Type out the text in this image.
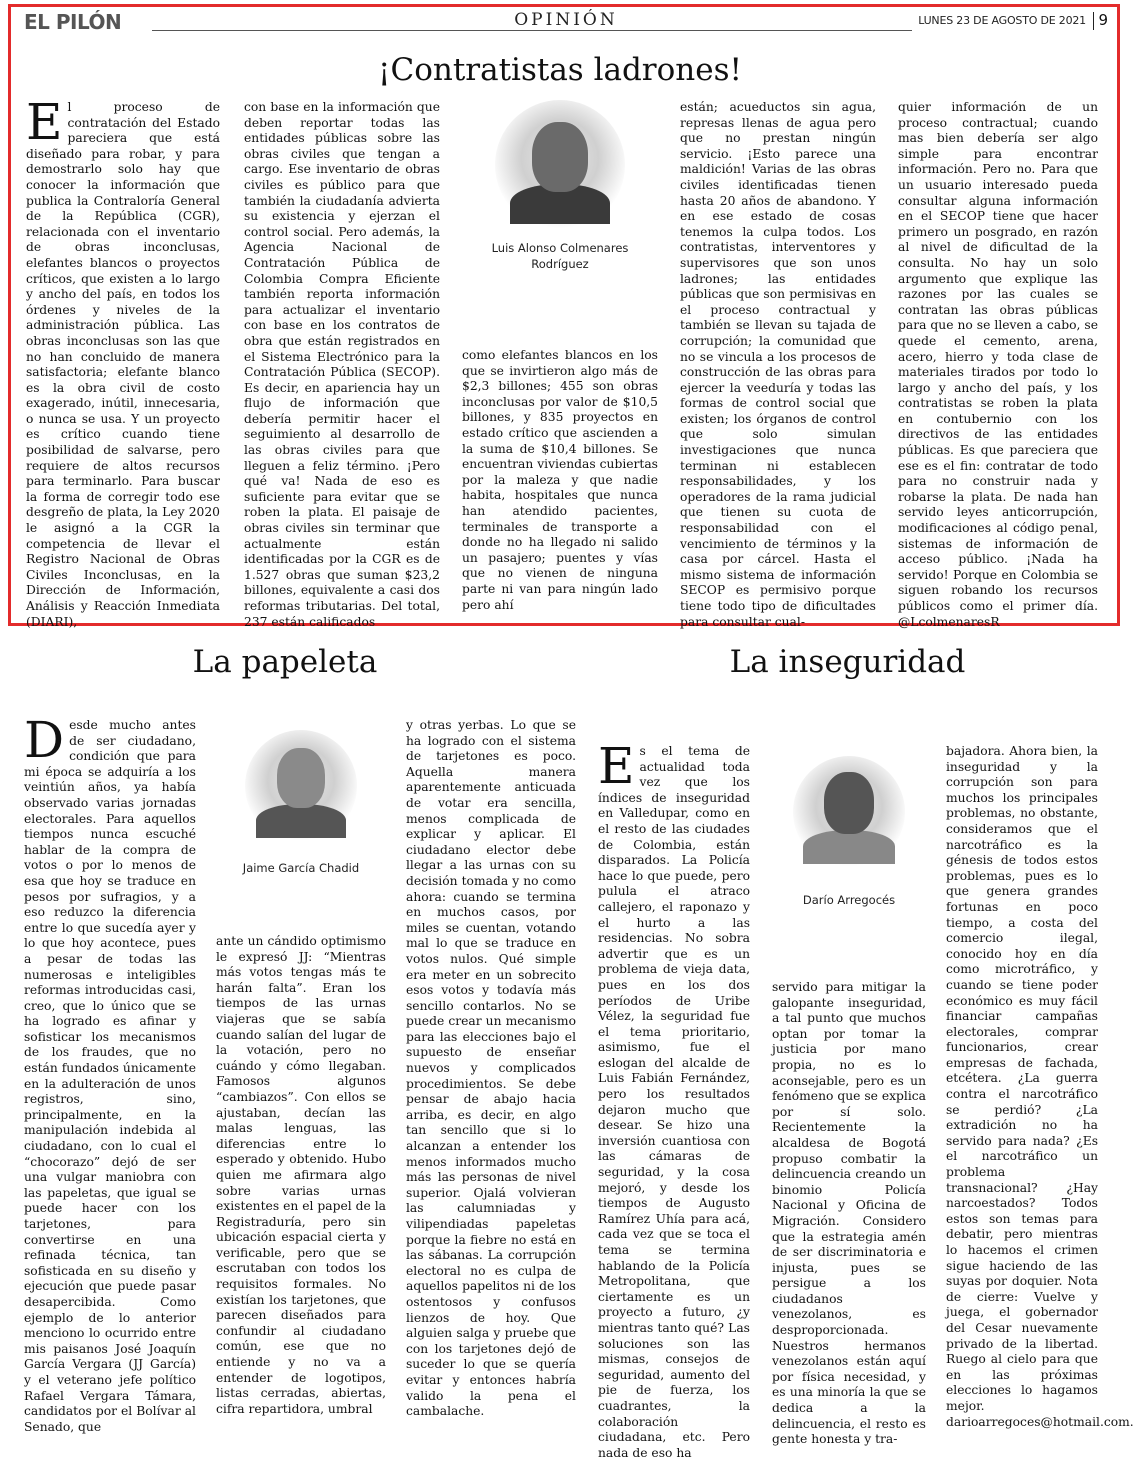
EL PILÓN	OPINIÓN	LUNES 23 DE AGOSTO DE 2021 9
¡Contratistas ladrones!
El proceso de contratación del Estado pareciera que está diseñado para robar, y para demostrarlo solo hay que conocer la información que publica la Contraloría General de la República (CGR), relacionada con el inventario de obras inconclusas, elefantes blancos o proyectos críticos, que existen a lo largo y ancho del país, en todos los órdenes y niveles de la administración pública. Las obras inconclusas son las que no han concluido de manera satisfactoria; elefante blanco es la obra civil de costo exagerado, inútil, innecesaria, o nunca se usa. Y un proyecto es crítico cuando tiene posibilidad de salvarse, pero requiere de altos recursos para terminarlo. Para buscar la forma de corregir todo ese desgreño de plata, la Ley 2020 le asignó a la CGR la competencia de llevar el Registro Nacional de Obras Civiles Inconclusas, en la Dirección de Información, Análisis y Reacción Inmediata (DIARI),
con base en la información que deben reportar todas las entidades públicas sobre las obras civiles que tengan a cargo. Ese inventario de obras civiles es público para que también la ciudadanía advierta su existencia y ejerzan el control social. Pero además, la Agencia Nacional de Contratación Pública de Colombia Compra Eficiente también reporta información para actualizar el inventario con base en los contratos de obra que están registrados en el Sistema Electrónico para la Contratación Pública (SECOP). Es decir, en apariencia hay un flujo de información que debería permitir hacer el seguimiento al desarrollo de las obras civiles para que lleguen a feliz término. ¡Pero qué va! Nada de eso es suficiente para evitar que se roben la plata. El paisaje de obras civiles sin terminar que actualmente están identificadas por la CGR es de 1.527 obras que suman $23,2 billones, equivalente a casi dos reformas tributarias. Del total, 237 están calificados
Luis Alonso Colmenares Rodríguez
como elefantes blancos en los que se invirtieron algo más de $2,3 billones; 455 son obras inconclusas por valor de $10,5 billones, y 835 proyectos en estado crítico que ascienden a la suma de $10,4 billones. Se encuentran viviendas cubiertas por la maleza y que nadie habita, hospitales que nunca han atendido pacientes, terminales de transporte a donde no ha llegado ni salido un pasajero; puentes y vías que no vienen de ninguna parte ni van para ningún lado pero ahí
están; acueductos sin agua, represas llenas de agua pero que no prestan ningún servicio. ¡Esto parece una maldición! Varias de las obras civiles identificadas tienen hasta 20 años de abandono. Y en ese estado de cosas tenemos la culpa todos. Los contratistas, interventores y supervisores que son unos ladrones; las entidades públicas que son permisivas en el proceso contractual y también se llevan su tajada de corrupción; la comunidad que no se vincula a los procesos de construcción de las obras para ejercer la veeduría y todas las formas de control social que existen; los órganos de control que solo simulan investigaciones que nunca terminan ni establecen responsabilidades, y los operadores de la rama judicial que tienen su cuota de responsabilidad con el vencimiento de términos y la casa por cárcel. Hasta el mismo sistema de información SECOP es permisivo porque tiene todo tipo de dificultades para consultar cual-
quier información de un proceso contractual; cuando mas bien debería ser algo simple para encontrar información. Pero no. Para que un usuario interesado pueda consultar alguna información en el SECOP tiene que hacer primero un posgrado, en razón al nivel de dificultad de la consulta. No hay un solo argumento que explique las razones por las cuales se contratan las obras públicas para que no se lleven a cabo, se quede el cemento, arena, acero, hierro y toda clase de materiales tirados por todo lo largo y ancho del país, y los contratistas se roben la plata en contubernio con los directivos de las entidades públicas. Es que pareciera que ese es el fin: contratar de todo para no construir nada y robarse la plata. De nada han servido leyes anticorrupción, modificaciones al código penal, sistemas de información de acceso público. ¡Nada ha servido! Porque en Colombia se siguen robando los recursos públicos como el primer día. @LcolmenaresR
La papeleta
Desde mucho antes de ser ciudadano, condición que para mi época se adquiría a los veintiún años, ya había observado varias jornadas electorales. Para aquellos tiempos nunca escuché hablar de la compra de votos o por lo menos de esa que hoy se traduce en pesos por sufragios, y a eso reduzco la diferencia entre lo que sucedía ayer y lo que hoy acontece, pues a pesar de todas las numerosas e inteligibles reformas introducidas casi, creo, que lo único que se ha logrado es afinar y sofisticar los mecanismos de los fraudes, que no están fundados únicamente en la adulteración de unos registros, sino, principalmente, en la manipulación indebida al ciudadano, con lo cual el “chocorazo” dejó de ser una vulgar maniobra con las papeletas, que igual se puede hacer con los tarjetones, para convertirse en una refinada técnica, tan sofisticada en su diseño y ejecución que puede pasar desapercibida. Como ejemplo de lo anterior menciono lo ocurrido entre mis paisanos José Joaquín García Vergara (JJ García) y el veterano jefe político Rafael Vergara Támara, candidatos por el Bolívar al Senado, que
Jaime García Chadid
ante un cándido optimismo le expresó JJ: “Mientras más votos tengas más te harán falta”. Eran los tiempos de las urnas viajeras que se sabía cuando salían del lugar de la votación, pero no cuándo y cómo llegaban. Famosos algunos “cambiazos”. Con ellos se ajustaban, decían las malas lenguas, las diferencias entre lo esperado y obtenido. Hubo quien me afirmara algo sobre varias urnas existentes en el papel de la Registraduría, pero sin ubicación espacial cierta y verificable, pero que se escrutaban con todos los requisitos formales. No existían los tarjetones, que parecen diseñados para confundir al ciudadano común, ese que no entiende y no va a entender de logotipos, listas cerradas, abiertas, cifra repartidora, umbral
y otras yerbas. Lo que se ha logrado con el sistema de tarjetones es poco. Aquella manera aparentemente anticuada de votar era sencilla, menos complicada de explicar y aplicar. El ciudadano elector debe llegar a las urnas con su decisión tomada y no como ahora: cuando se termina en muchos casos, por miles se cuentan, votando mal lo que se traduce en votos nulos. Qué simple era meter en un sobrecito esos votos y todavía más sencillo contarlos. No se puede crear un mecanismo para las elecciones bajo el supuesto de enseñar nuevos y complicados procedimientos. Se debe pensar de abajo hacia arriba, es decir, en algo tan sencillo que si lo alcanzan a entender los menos informados mucho más las personas de nivel superior. Ojalá volvieran las calumniadas y vilipendiadas papeletas porque la fiebre no está en las sábanas. La corrupción electoral no es culpa de aquellos papelitos ni de los ostentosos y confusos lienzos de hoy. Que alguien salga y pruebe que con los tarjetones dejó de suceder lo que se quería evitar y entonces habría valido la pena el cambalache.
La inseguridad
Es el tema de actualidad toda vez que los índices de inseguridad en Valledupar, como en el resto de las ciudades de Colombia, están disparados. La Policía hace lo que puede, pero pulula el atraco callejero, el raponazo y el hurto a las residencias. No sobra advertir que es un problema de vieja data, pues en los dos períodos de Uribe Vélez, la seguridad fue el tema prioritario, asimismo, fue el eslogan del alcalde de Luis Fabián Fernández, pero los resultados dejaron mucho que desear. Se hizo una inversión cuantiosa con las cámaras de seguridad, y la cosa mejoró, y desde los tiempos de Augusto Ramírez Uhía para acá, cada vez que se toca el tema se termina hablando de la Policía Metropolitana, que ciertamente es un proyecto a futuro, ¿y mientras tanto qué? Las soluciones son las mismas, consejos de seguridad, aumento del pie de fuerza, los cuadrantes, la colaboración ciudadana, etc. Pero nada de eso ha
Darío Arregocés
servido para mitigar la galopante inseguridad, a tal punto que muchos optan por tomar la justicia por mano propia, no es lo aconsejable, pero es un fenómeno que se explica por sí solo. Recientemente la alcaldesa de Bogotá propuso combatir la delincuencia creando un binomio Policía Nacional y Oficina de Migración. Considero que la estrategia amén de ser discriminatoria e injusta, pues se persigue a los ciudadanos venezolanos, es desproporcionada. Nuestros hermanos venezolanos están aquí por física necesidad, y es una minoría la que se dedica a la delincuencia, el resto es gente honesta y tra-
bajadora. Ahora bien, la inseguridad y la corrupción son para muchos los principales problemas, no obstante, consideramos que el narcotráfico es la génesis de todos estos problemas, pues es lo que genera grandes fortunas en poco tiempo, a costa del comercio ilegal, conocido hoy en día como microtráfico, y cuando se tiene poder económico es muy fácil financiar campañas electorales, comprar funcionarios, crear empresas de fachada, etcétera. ¿La guerra contra el narcotráfico se perdió? ¿La extradición no ha servido para nada? ¿Es el narcotráfico un problema transnacional? ¿Hay narcoestados? Todos estos son temas para debatir, pero mientras lo hacemos el crimen sigue haciendo de las suyas por doquier. Nota de cierre: Vuelve y juega, el gobernador del Cesar nuevamente privado de la libertad. Ruego al cielo para que en las próximas elecciones lo hagamos mejor. darioarregoces@hotmail.com.
